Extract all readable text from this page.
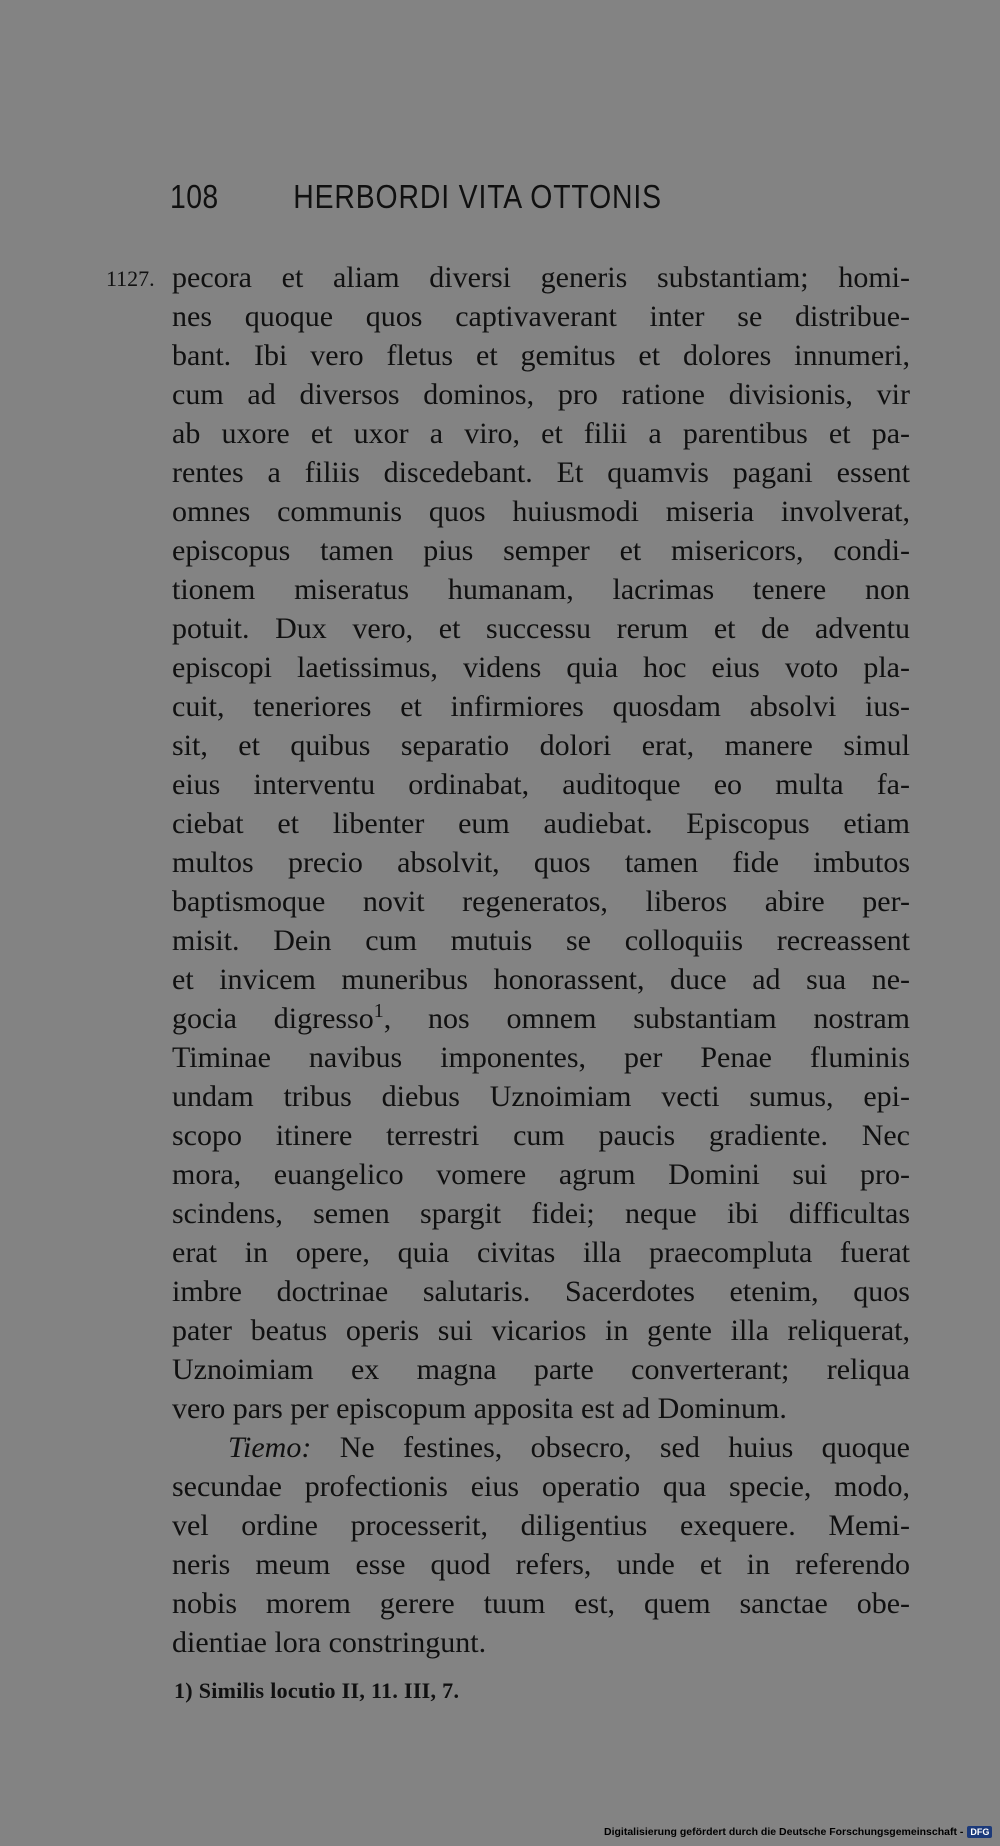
108 HERBORDI VITA OTTONIS
1127. pecora et aliam diversi generis substantiam; homi-
nes quoque quos captivaverant inter se distribue-
bant. Ibi vero fletus et gemitus et dolores innumeri,
cum ad diversos dominos, pro ratione divisionis, vir
ab uxore et uxor a viro, et filii a parentibus et pa-
rentes a filiis discedebant. Et quamvis pagani essent
omnes communis quos huiusmodi miseria involverat,
episcopus tamen pius semper et misericors, condi-
tionem miseratus humanam, lacrimas tenere non
potuit. Dux vero, et successu rerum et de adventu
episcopi laetissimus, videns quia hoc eius voto pla-
cuit, teneriores et infirmiores quosdam absolvi ius-
sit, et quibus separatio dolori erat, manere simul
eius interventu ordinabat, auditoque eo multa fa-
ciebat et libenter eum audiebat. Episcopus etiam
multos precio absolvit, quos tamen fide imbutos
baptismoque novit regeneratos, liberos abire per-
misit. Dein cum mutuis se colloquiis recreassent
et invicem muneribus honorassent, duce ad sua ne-
gocia digresso$^1$, nos omnem substantiam nostram
Timinae navibus imponentes, per Penae fluminis
undam tribus diebus Uznoimiam vecti sumus, epi-
scopo itinere terrestri cum paucis gradiente. Nec
mora, euangelico vomere agrum Domini sui pro-
scindens, semen spargit fidei; neque ibi difficultas
erat in opere, quia civitas illa praecompluta fuerat
imbre doctrinae salutaris. Sacerdotes etenim, quos
pater beatus operis sui vicarios in gente illa reliquerat,
Uznoimiam ex magna parte converterant; reliqua
vero pars per episcopum apposita est ad Dominum.
Tiemo: Ne festines, obsecro, sed huius quoque
secundae profectionis eius operatio qua specie, modo,
vel ordine processerit, diligentius exequere. Memi-
neris meum esse quod refers, unde et in referendo
nobis morem gerere tuum est, quem sanctae obe-
dientiae lora constringunt.
1) Similis locutio II, 11. III, 7.
Digitalisierung gefördert durch die Deutsche Forschungsgemeinschaft - DFG
